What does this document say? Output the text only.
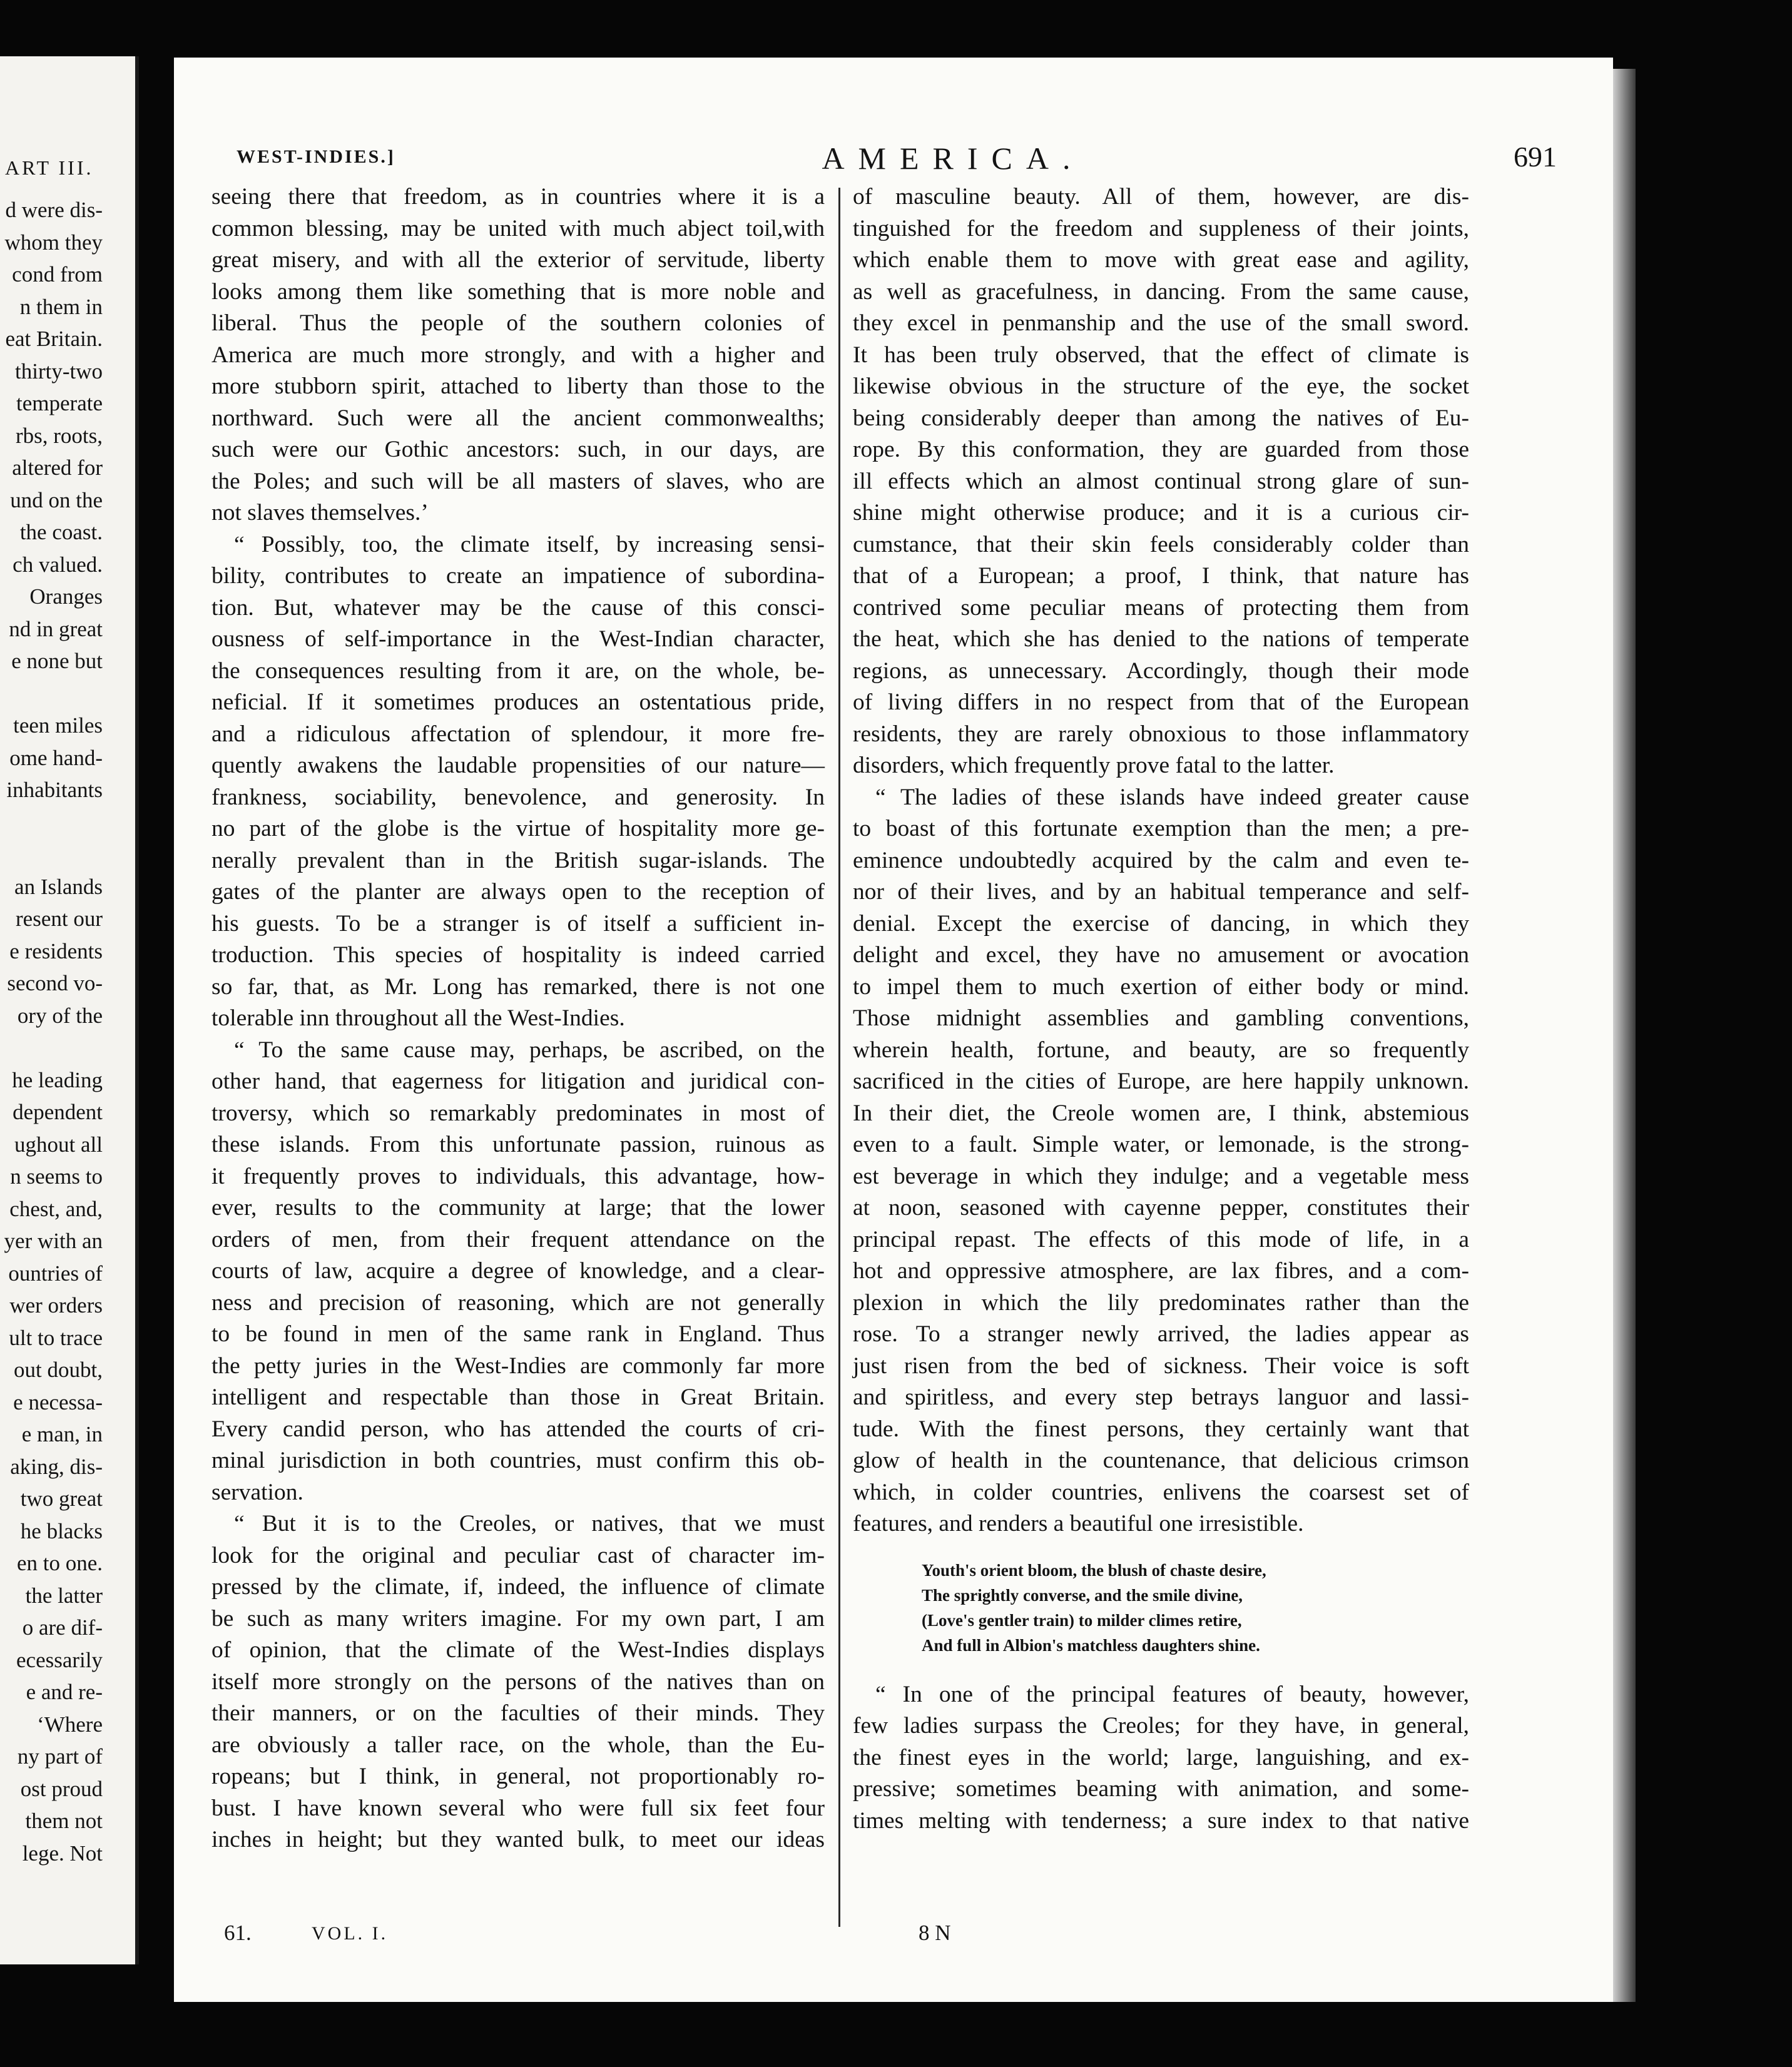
ART III.
d were dis-
whom they
cond from
n them in
eat Britain.
thirty-two
temperate
rbs, roots,
altered for
und on the
the coast.
ch valued.
Oranges
nd in great
e none but
teen miles
ome hand-
inhabitants
an Islands
resent our
e residents
second vo-
ory of the
he leading
dependent
ughout all
n seems to
chest, and,
yer with an
ountries of
wer orders
ult to trace
out doubt,
e necessa-
e man, in
aking, dis-
two great
he blacks
en to one.
the latter
o are dif-
ecessarily
e and re-
‘Where
ny part of
ost proud
them not
lege. Not
WEST-INDIES.]	AMERICA.	691
seeing there that freedom, as in countries where it is a
common blessing, may be united with much abject toil,with
great misery, and with all the exterior of servitude, liberty
looks among them like something that is more noble and
liberal. Thus the people of the southern colonies of
America are much more strongly, and with a higher and
more stubborn spirit, attached to liberty than those to the
northward. Such were all the ancient commonwealths;
such were our Gothic ancestors: such, in our days, are
the Poles; and such will be all masters of slaves, who are
not slaves themselves.’
“ Possibly, too, the climate itself, by increasing sensi-
bility, contributes to create an impatience of subordina-
tion. But, whatever may be the cause of this consci-
ousness of self-importance in the West-Indian character,
the consequences resulting from it are, on the whole, be-
neficial. If it sometimes produces an ostentatious pride,
and a ridiculous affectation of splendour, it more fre-
quently awakens the laudable propensities of our nature—
frankness, sociability, benevolence, and generosity. In
no part of the globe is the virtue of hospitality more ge-
nerally prevalent than in the British sugar-islands. The
gates of the planter are always open to the reception of
his guests. To be a stranger is of itself a sufficient in-
troduction. This species of hospitality is indeed carried
so far, that, as Mr. Long has remarked, there is not one
tolerable inn throughout all the West-Indies.
“ To the same cause may, perhaps, be ascribed, on the
other hand, that eagerness for litigation and juridical con-
troversy, which so remarkably predominates in most of
these islands. From this unfortunate passion, ruinous as
it frequently proves to individuals, this advantage, how-
ever, results to the community at large; that the lower
orders of men, from their frequent attendance on the
courts of law, acquire a degree of knowledge, and a clear-
ness and precision of reasoning, which are not generally
to be found in men of the same rank in England. Thus
the petty juries in the West-Indies are commonly far more
intelligent and respectable than those in Great Britain.
Every candid person, who has attended the courts of cri-
minal jurisdiction in both countries, must confirm this ob-
servation.
“ But it is to the Creoles, or natives, that we must
look for the original and peculiar cast of character im-
pressed by the climate, if, indeed, the influence of climate
be such as many writers imagine. For my own part, I am
of opinion, that the climate of the West-Indies displays
itself more strongly on the persons of the natives than on
their manners, or on the faculties of their minds. They
are obviously a taller race, on the whole, than the Eu-
ropeans; but I think, in general, not proportionably ro-
bust. I have known several who were full six feet four
inches in height; but they wanted bulk, to meet our ideas
of masculine beauty. All of them, however, are dis-
tinguished for the freedom and suppleness of their joints,
which enable them to move with great ease and agility,
as well as gracefulness, in dancing. From the same cause,
they excel in penmanship and the use of the small sword.
It has been truly observed, that the effect of climate is
likewise obvious in the structure of the eye, the socket
being considerably deeper than among the natives of Eu-
rope. By this conformation, they are guarded from those
ill effects which an almost continual strong glare of sun-
shine might otherwise produce; and it is a curious cir-
cumstance, that their skin feels considerably colder than
that of a European; a proof, I think, that nature has
contrived some peculiar means of protecting them from
the heat, which she has denied to the nations of temperate
regions, as unnecessary. Accordingly, though their mode
of living differs in no respect from that of the European
residents, they are rarely obnoxious to those inflammatory
disorders, which frequently prove fatal to the latter.
“ The ladies of these islands have indeed greater cause
to boast of this fortunate exemption than the men; a pre-
eminence undoubtedly acquired by the calm and even te-
nor of their lives, and by an habitual temperance and self-
denial. Except the exercise of dancing, in which they
delight and excel, they have no amusement or avocation
to impel them to much exertion of either body or mind.
Those midnight assemblies and gambling conventions,
wherein health, fortune, and beauty, are so frequently
sacrificed in the cities of Europe, are here happily unknown.
In their diet, the Creole women are, I think, abstemious
even to a fault. Simple water, or lemonade, is the strong-
est beverage in which they indulge; and a vegetable mess
at noon, seasoned with cayenne pepper, constitutes their
principal repast. The effects of this mode of life, in a
hot and oppressive atmosphere, are lax fibres, and a com-
plexion in which the lily predominates rather than the
rose. To a stranger newly arrived, the ladies appear as
just risen from the bed of sickness. Their voice is soft
and spiritless, and every step betrays languor and lassi-
tude. With the finest persons, they certainly want that
glow of health in the countenance, that delicious crimson
which, in colder countries, enlivens the coarsest set of
features, and renders a beautiful one irresistible.
Youth's orient bloom, the blush of chaste desire,
The sprightly converse, and the smile divine,
(Love's gentler train) to milder climes retire,
And full in Albion's matchless daughters shine.
“ In one of the principal features of beauty, however,
few ladies surpass the Creoles; for they have, in general,
the finest eyes in the world; large, languishing, and ex-
pressive; sometimes beaming with animation, and some-
times melting with tenderness; a sure index to that native
61.	VOL. I.	8 N
